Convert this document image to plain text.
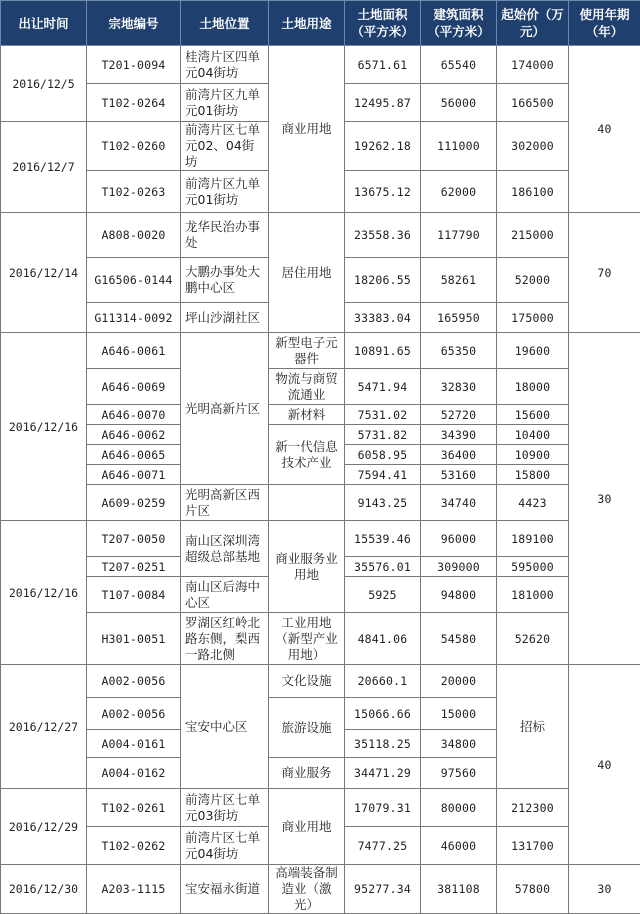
出让时间	宗地编号	土地位置	土地用途	土地面积（平方米）	建筑面积（平方米）	起始价（万元）	使用年期（年）
2016/12/5	T201-0094	桂湾片区四单元04街坊	商业用地	6571.61	65540	174000	40
	T102-0264	前湾片区九单元01街坊		12495.87	56000	166500	
2016/12/7	T102-0260	前湾片区七单元02、04街坊		19262.18	111000	302000	
	T102-0263	前湾片区九单元01街坊		13675.12	62000	186100	
2016/12/14	A808-0020	龙华民治办事处	居住用地	23558.36	117790	215000	70
	G16506-0144	大鹏办事处大鹏中心区		18206.55	58261	52000	
	G11314-0092	坪山沙湖社区		33383.04	165950	175000	
2016/12/16	A646-0061	光明高新片区	新型电子元器件	10891.65	65350	19600	30
	A646-0069		物流与商贸流通业	5471.94	32830	18000	
	A646-0070		新材料	7531.02	52720	15600	
	A646-0062		新一代信息技术产业	5731.82	34390	10400	
	A646-0065			6058.95	36400	10900	
	A646-0071			7594.41	53160	15800	
	A609-0259	光明高新区西片区		9143.25	34740	4423	
2016/12/16	T207-0050	南山区深圳湾超级总部基地	商业服务业用地	15539.46	96000	189100	
	T207-0251			35576.01	309000	595000	
	T107-0084	南山区后海中心区		5925	94800	181000	
	H301-0051	罗湖区红岭北路东侧，梨西一路北侧	工业用地（新型产业用地）	4841.06	54580	52620	
2016/12/27	A002-0056	宝安中心区	文化设施	20660.1	20000	招标	40
	A002-0056		旅游设施	15066.66	15000		
	A004-0161			35118.25	34800		
	A004-0162		商业服务	34471.29	97560		
2016/12/29	T102-0261	前湾片区七单元03街坊	商业用地	17079.31	80000	212300	
	T102-0262	前湾片区七单元04街坊		7477.25	46000	131700	
2016/12/30	A203-1115	宝安福永街道	高端装备制造业（激光）	95277.34	381108	57800	30
